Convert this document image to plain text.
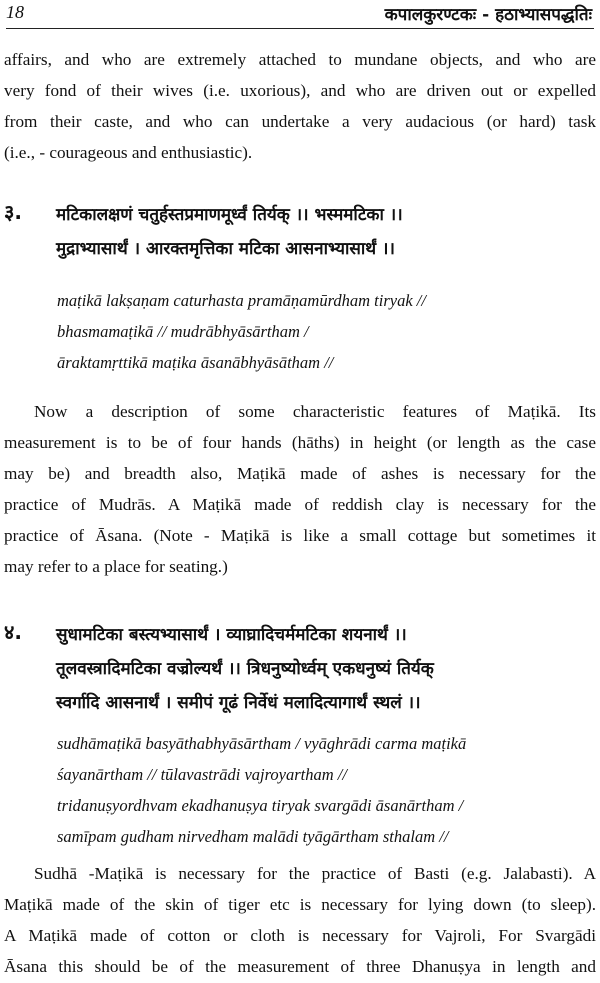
18	कपालकुरण्टकः - हठाभ्यासपद्धतिः
affairs, and who are extremely attached to mundane objects, and who are
very fond of their wives (i.e. uxorious), and who are driven out or expelled
from their caste, and who can undertake a very audacious (or hard) task
(i.e., - courageous and enthusiastic).
३. मटिकालक्षणं चतुर्हस्तप्रमाणमूर्ध्वं तिर्यक् ।। भस्ममटिका ।।
मुद्राभ्यासार्थं । आरक्तमृत्तिका मटिका आसनाभ्यासार्थं ।।
maṭikā lakṣaṇam caturhasta pramāṇamūrdham tiryak //
bhasmamaṭikā // mudrābhyāsārtham /
āraktamṛttikā maṭika āsanābhyāsātham //
Now a description of some characteristic features of Maṭikā. Its
measurement is to be of four hands (hāths) in height (or length as the case
may be) and breadth also, Maṭikā made of ashes is necessary for the
practice of Mudrās. A Maṭikā made of reddish clay is necessary for the
practice of Āsana. (Note - Maṭikā is like a small cottage but sometimes it
may refer to a place for seating.)
४. सुधामटिका बस्त्यभ्यासार्थं । व्याघ्रादिचर्ममटिका शयनार्थं ।।
तूलवस्त्रादिमटिका वज्रोल्यर्थं ।। त्रिधनुष्योर्ध्वम् एकधनुष्यं तिर्यक्
स्वर्गादि आसनार्थं । समीपं गूढं निर्वेधं मलादित्यागार्थं स्थलं ।।
sudhāmaṭikā basyāthabhyāsārtham / vyāghrādi carma maṭikā
śayanārtham // tūlavastrādi vajroyartham //
tridanuṣyordhvam ekadhanuṣya tiryak svargādi āsanārtham /
samīpam gudham nirvedham malādi tyāgārtham sthalam //
Sudhā -Maṭikā is necessary for the practice of Basti (e.g. Jalabasti). A
Maṭikā made of the skin of tiger etc is necessary for lying down (to sleep).
A Maṭikā made of cotton or cloth is necessary for Vajroli, For Svargādi
Āsana this should be of the measurement of three Dhanuṣya in length and
